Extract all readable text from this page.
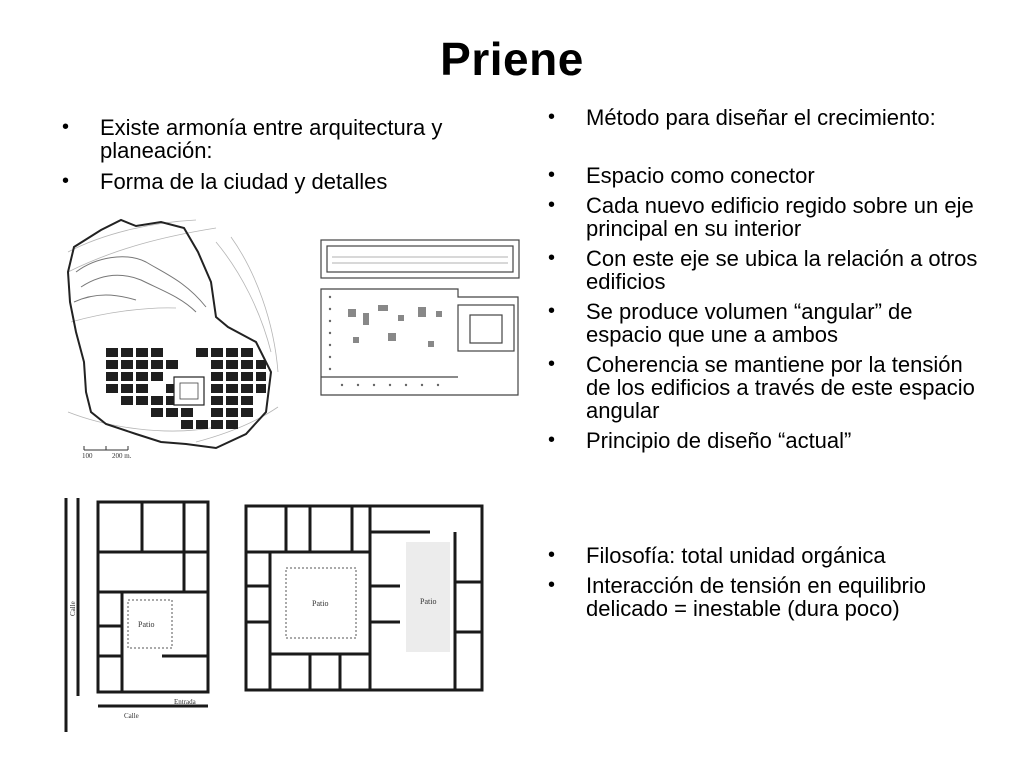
Priene
• Existe armonía entre arquitectura y planeación:
• Forma de la ciudad y detalles
• Método para diseñar el crecimiento:
• Espacio como conector
• Cada nuevo edificio regido sobre un eje principal en su interior
• Con este eje se ubica la relación a otros edificios
• Se produce volumen “angular” de espacio que une a ambos
• Coherencia se mantiene por la tensión de los edificios a través de este espacio angular
• Principio de diseño “actual”
• Filosofía: total unidad orgánica
• Interacción de tensión en equilibrio delicado = inestable (dura poco)
100	200 m.
Patio
Calle
Calle
Entrada
Patio	Patio
